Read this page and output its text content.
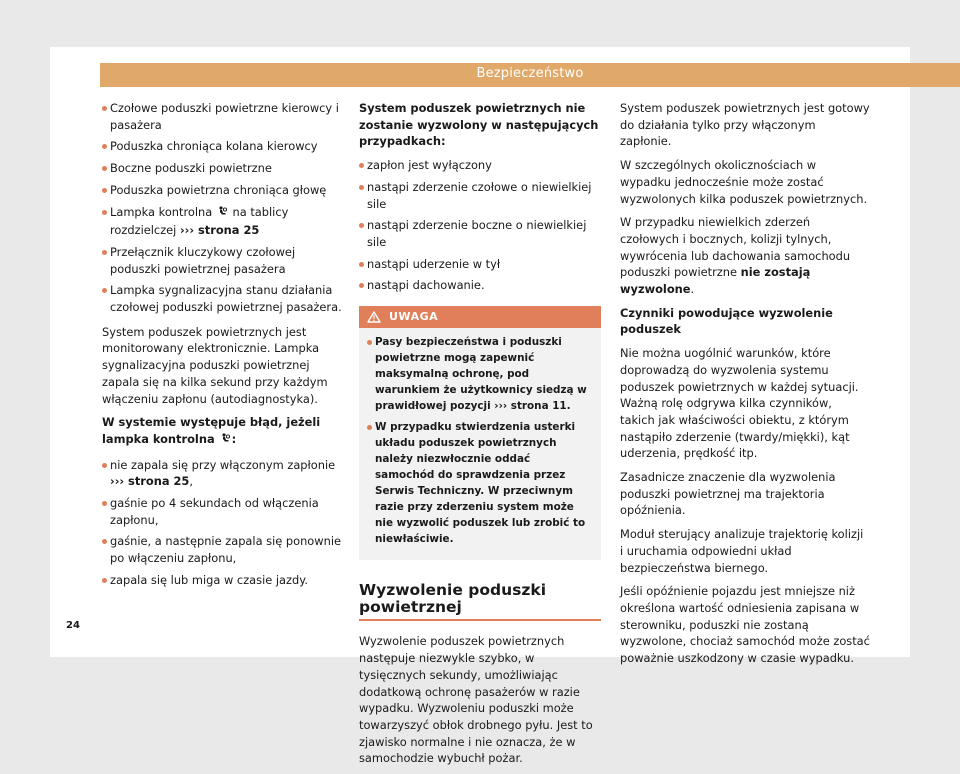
Bezpieczeństwo
Czołowe poduszki powietrzne kierowcy i pasażera
Poduszka chroniąca kolana kierowcy
Boczne poduszki powietrzne
Poduszka powietrzna chroniąca głowę
Lampka kontrolna na tablicy rozdzielczej ››› strona 25
Przełącznik kluczykowy czołowej poduszki powietrznej pasażera
Lampka sygnalizacyjna stanu działania czołowej poduszki powietrznej pasażera.

System poduszek powietrznych jest monitorowany elektronicznie. Lampka sygnalizacyjna poduszki powietrznej zapala się na kilka sekund przy każdym włączeniu zapłonu (autodiagnostyka).

W systemie występuje błąd, jeżeli lampka kontrolna :

nie zapala się przy włączonym zapłonie ››› strona 25,
gaśnie po 4 sekundach od włączenia zapłonu,
gaśnie, a następnie zapala się ponownie po włączeniu zapłonu,
zapala się lub miga w czasie jazdy.

System poduszek powietrznych nie zostanie wyzwolony w następujących przypadkach:

zapłon jest wyłączony
nastąpi zderzenie czołowe o niewielkiej sile
nastąpi zderzenie boczne o niewielkiej sile
nastąpi uderzenie w tył
nastąpi dachowanie.
UWAGA
Pasy bezpieczeństwa i poduszki powietrzne mogą zapewnić maksymalną ochronę, pod warunkiem że użytkownicy siedzą w prawidłowej pozycji ››› strona 11.
W przypadku stwierdzenia usterki układu poduszek powietrznych należy niezwłocznie oddać samochód do sprawdzenia przez Serwis Techniczny. W przeciwnym razie przy zderzeniu system może nie wyzwolić poduszek lub zrobić to niewłaściwie.
Wyzwolenie poduszki powietrznej

Wyzwolenie poduszek powietrznych następuje niezwykle szybko, w tysięcznych sekundy, umożliwiając dodatkową ochronę pasażerów w razie wypadku. Wyzwoleniu poduszki może towarzyszyć obłok drobnego pyłu. Jest to zjawisko normalne i nie oznacza, że w samochodzie wybuchł pożar.

System poduszek powietrznych jest gotowy do działania tylko przy włączonym zapłonie.

W szczególnych okolicznościach w wypadku jednocześnie może zostać wyzwolonych kilka poduszek powietrznych.

W przypadku niewielkich zderzeń czołowych i bocznych, kolizji tylnych, wywrócenia lub dachowania samochodu poduszki powietrzne nie zostają wyzwolone.

Czynniki powodujące wyzwolenie poduszek

Nie można uogólnić warunków, które doprowadzą do wyzwolenia systemu poduszek powietrznych w każdej sytuacji. Ważną rolę odgrywa kilka czynników, takich jak właściwości obiektu, z którym nastąpiło zderzenie (twardy/miękki), kąt uderzenia, prędkość itp.

Zasadnicze znaczenie dla wyzwolenia poduszki powietrznej ma trajektoria opóźnienia.

Moduł sterujący analizuje trajektorię kolizji i uruchamia odpowiedni układ bezpieczeństwa biernego.

Jeśli opóźnienie pojazdu jest mniejsze niż określona wartość odniesienia zapisana w sterowniku, poduszki nie zostaną wyzwolone, chociaż samochód może zostać poważnie uszkodzony w czasie wypadku.

24
